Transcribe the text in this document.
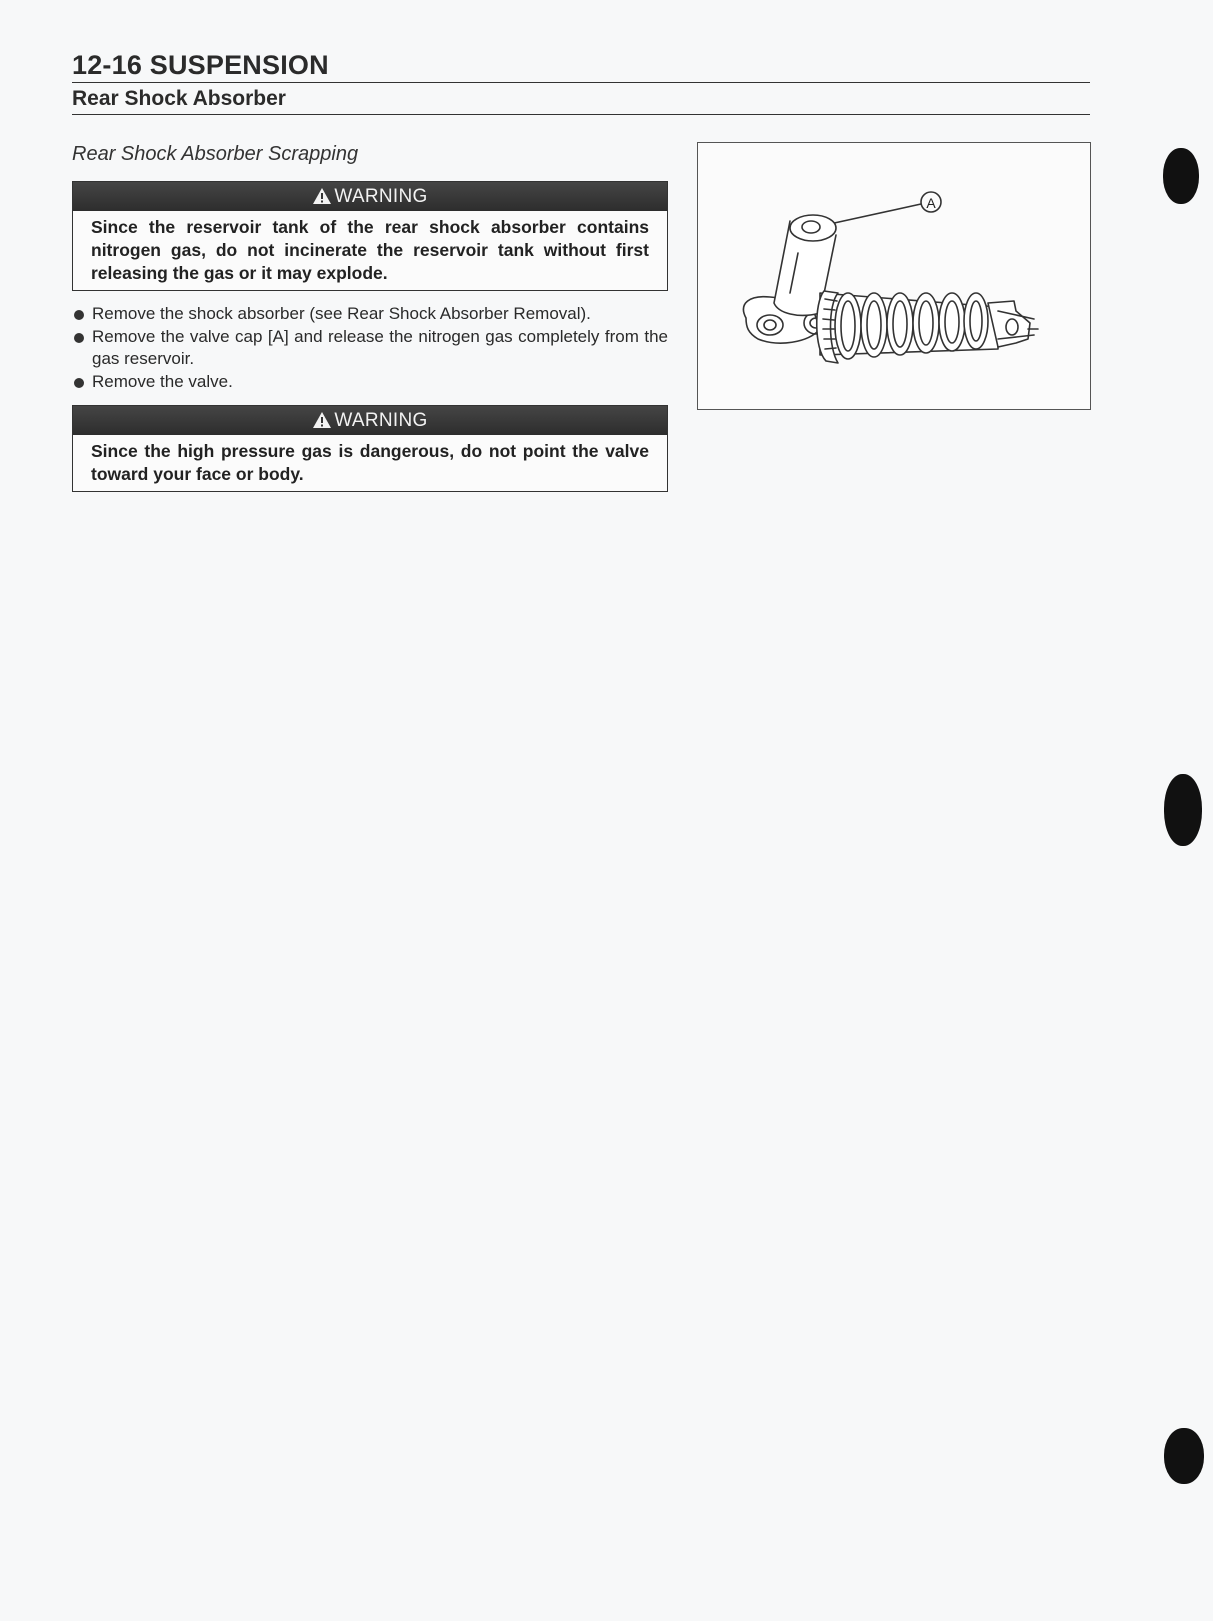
12-16 SUSPENSION
Rear Shock Absorber
Rear Shock Absorber Scrapping
WARNING
Since the reservoir tank of the rear shock absorber contains nitrogen gas, do not incinerate the reservoir tank without first releasing the gas or it may explode.
Remove the shock absorber (see Rear Shock Absorber Removal).
Remove the valve cap [A] and release the nitrogen gas completely from the gas reservoir.
Remove the valve.
WARNING
Since the high pressure gas is dangerous, do not point the valve toward your face or body.
A
